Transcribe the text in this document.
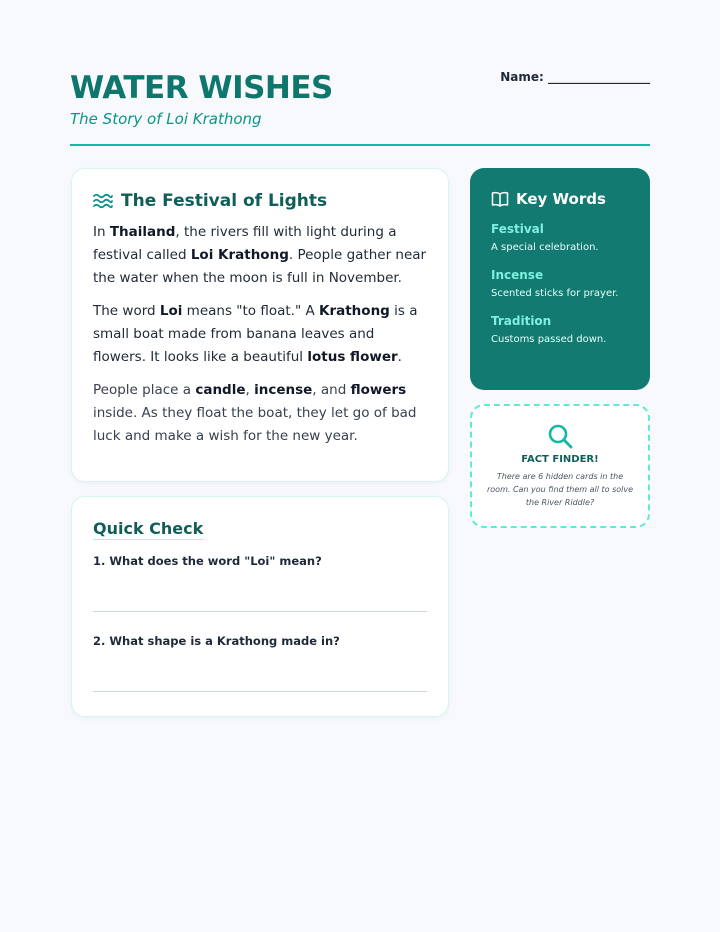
WATER WISHES

The Story of Loi Krathong

Name: _________________
The Festival of Lights

In Thailand, the rivers fill with light during a festival called Loi Krathong. People gather near the water when the moon is full in November.

The word Loi means "to float." A Krathong is a small boat made from banana leaves and flowers. It looks like a beautiful lotus flower.

People place a candle, incense, and flowers inside. As they float the boat, they let go of bad luck and make a wish for the new year.

Quick Check

1. What does the word "Loi" mean?

2. What shape is a Krathong made in?

Key Words

Festival

A special celebration.

Incense

Scented sticks for prayer.

Tradition

Customs passed down.

FACT FINDER!

There are 6 hidden cards in the room. Can you find them all to solve the River Riddle?
